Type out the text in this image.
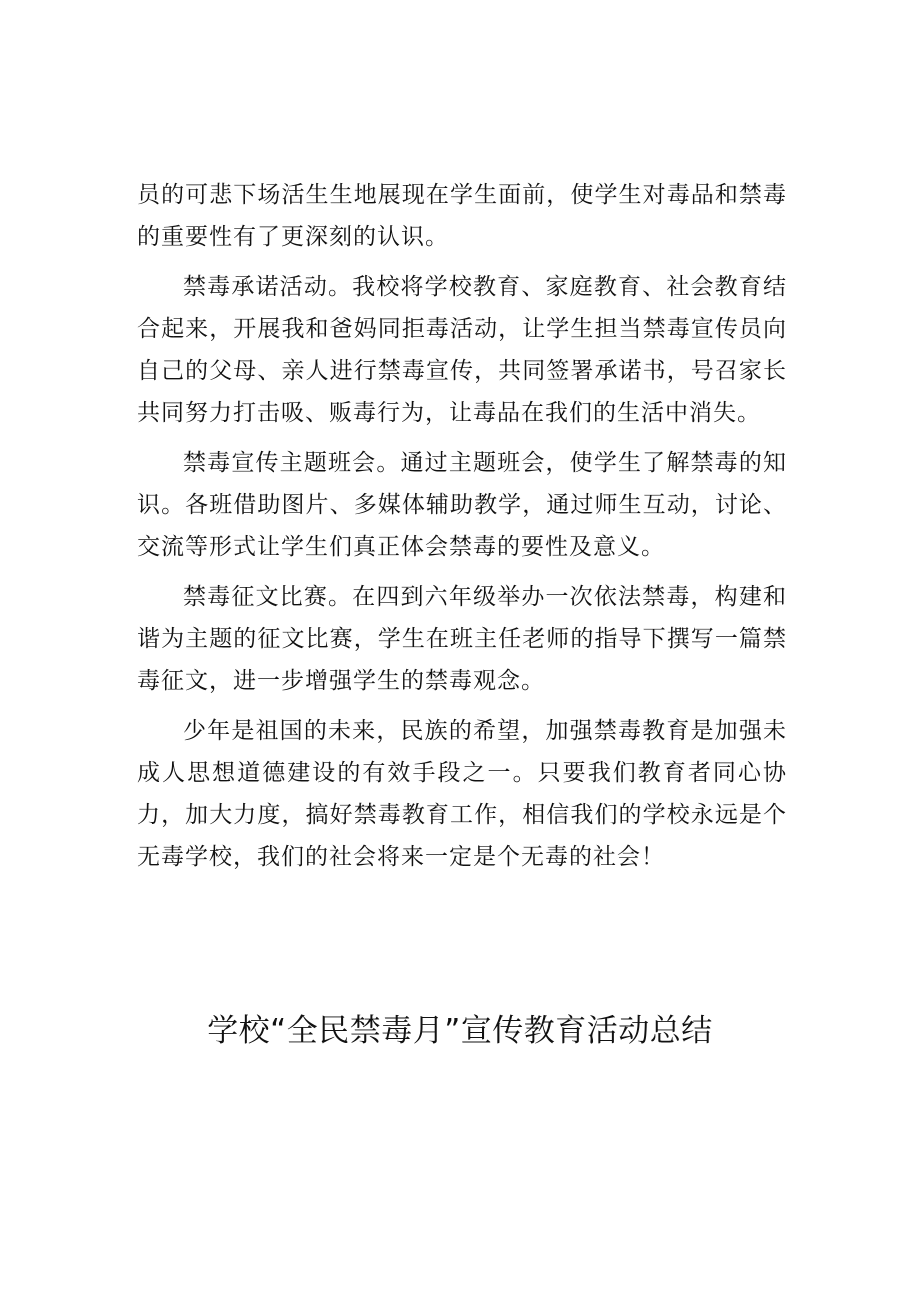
员的可悲下场活生生地展现在学生面前，使学生对毒品和禁毒的重要性有了更深刻的认识。

禁毒承诺活动。我校将学校教育、家庭教育、社会教育结合起来，开展我和爸妈同拒毒活动，让学生担当禁毒宣传员向自己的父母、亲人进行禁毒宣传，共同签署承诺书，号召家长共同努力打击吸、贩毒行为，让毒品在我们的生活中消失。

禁毒宣传主题班会。通过主题班会，使学生了解禁毒的知识。各班借助图片、多媒体辅助教学，通过师生互动，讨论、交流等形式让学生们真正体会禁毒的要性及意义。

禁毒征文比赛。在四到六年级举办一次依法禁毒，构建和谐为主题的征文比赛，学生在班主任老师的指导下撰写一篇禁毒征文，进一步增强学生的禁毒观念。

少年是祖国的未来，民族的希望，加强禁毒教育是加强未成人思想道德建设的有效手段之一。只要我们教育者同心协力，加大力度，搞好禁毒教育工作，相信我们的学校永远是个无毒学校，我们的社会将来一定是个无毒的社会！

学校“全民禁毒月”宣传教育活动总结
